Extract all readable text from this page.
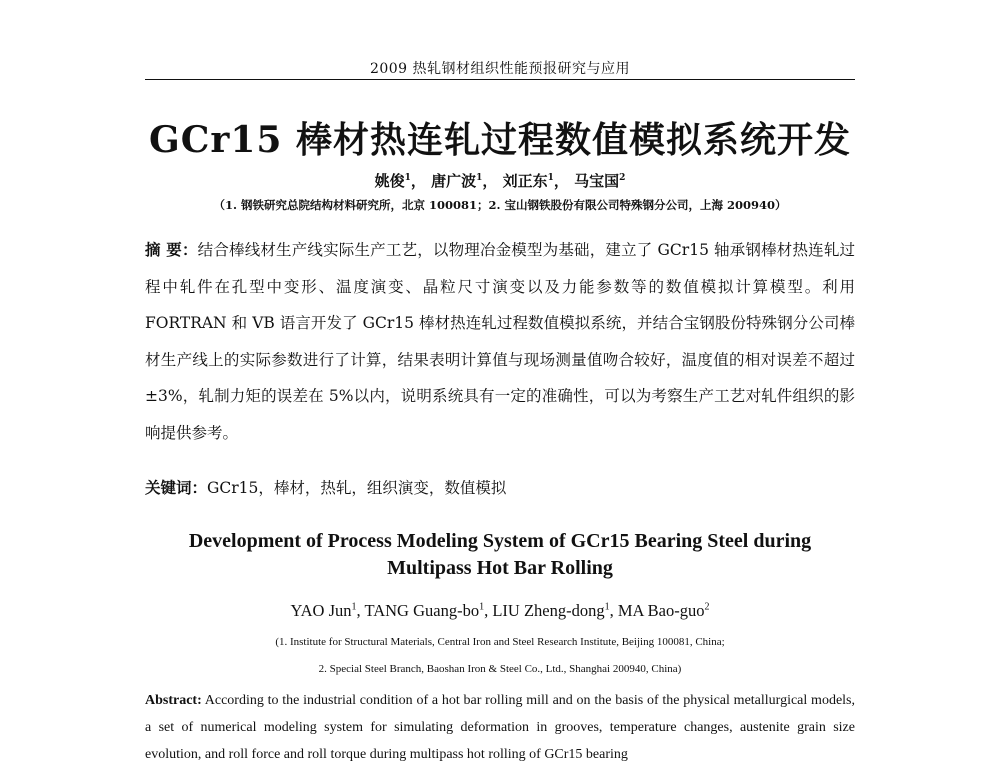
2009 热轧钢材组织性能预报研究与应用
GCr15 棒材热连轧过程数值模拟系统开发
姚俊$^1$， 唐广波$^1$， 刘正东$^1$， 马宝国$^2$
（1. 钢铁研究总院结构材料研究所，北京 100081；2. 宝山钢铁股份有限公司特殊钢分公司，上海 200940）
摘 要：结合棒线材生产线实际生产工艺，以物理冶金模型为基础，建立了 GCr15 轴承钢棒材热连轧过程中轧件在孔型中变形、温度演变、晶粒尺寸演变以及力能参数等的数值模拟计算模型。利用 FORTRAN 和 VB 语言开发了 GCr15 棒材热连轧过程数值模拟系统，并结合宝钢股份特殊钢分公司棒材生产线上的实际参数进行了计算，结果表明计算值与现场测量值吻合较好，温度值的相对误差不超过±3%，轧制力矩的误差在 5%以内，说明系统具有一定的准确性，可以为考察生产工艺对轧件组织的影响提供参考。
关键词：GCr15，棒材，热轧，组织演变，数值模拟
Development of Process Modeling System of GCr15 Bearing Steel during
Multipass Hot Bar Rolling
YAO Jun$^1$, TANG Guang-$bo^1$, LIU Zheng-dong$^1$, MA Bao-guo$^2$
(1. Institute for Structural Materials, Central Iron and Steel Research Institute, Beijing 100081, China;
2. Special Steel Branch, Baoshan Iron & Steel Co., Ltd., Shanghai 200940, China)
Abstract: According to the industrial condition of a hot bar rolling mill and on the basis of the physical metallurgical models, a set of numerical modeling system for simulating deformation in grooves, temperature changes, austenite grain size evolution, and roll force and roll torque during multipass hot rolling of GCr15 bearing
